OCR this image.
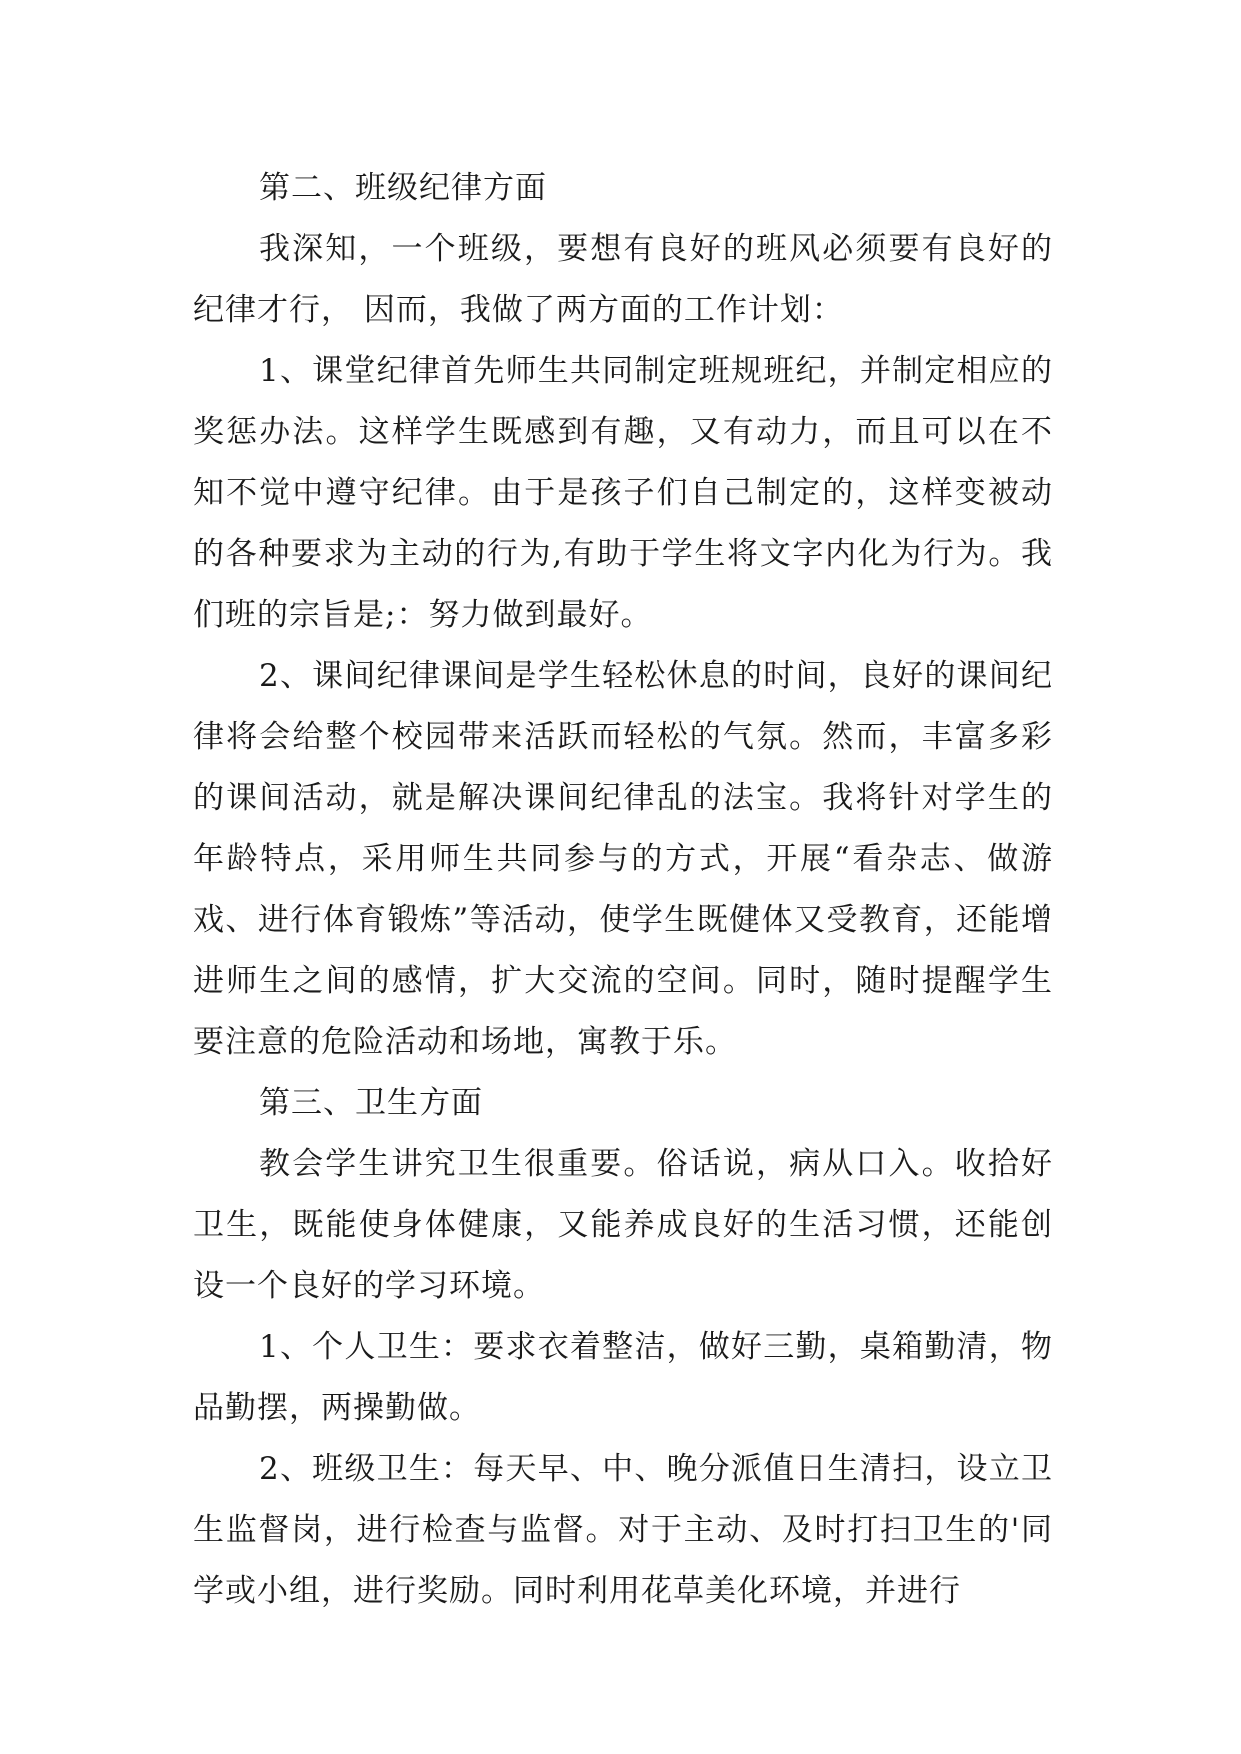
第二、班级纪律方面

我深知，一个班级，要想有良好的班风必须要有良好的纪律才行， 因而，我做了两方面的工作计划：

1、课堂纪律首先师生共同制定班规班纪，并制定相应的奖惩办法。这样学生既感到有趣，又有动力，而且可以在不知不觉中遵守纪律。由于是孩子们自己制定的，这样变被动的各种要求为主动的行为,有助于学生将文字内化为行为。我们班的宗旨是;：努力做到最好。

2、课间纪律课间是学生轻松休息的时间，良好的课间纪律将会给整个校园带来活跃而轻松的气氛。然而，丰富多彩的课间活动，就是解决课间纪律乱的法宝。我将针对学生的年龄特点，采用师生共同参与的方式，开展“看杂志、做游戏、进行体育锻炼”等活动，使学生既健体又受教育，还能增进师生之间的感情，扩大交流的空间。同时，随时提醒学生要注意的危险活动和场地，寓教于乐。

第三、卫生方面

教会学生讲究卫生很重要。俗话说，病从口入。收拾好卫生，既能使身体健康，又能养成良好的生活习惯，还能创设一个良好的学习环境。

1、个人卫生：要求衣着整洁，做好三勤，桌箱勤清，物品勤摆，两操勤做。

2、班级卫生：每天早、中、晚分派值日生清扫，设立卫生监督岗，进行检查与监督。对于主动、及时打扫卫生的'同学或小组，进行奖励。同时利用花草美化环境，并进行
